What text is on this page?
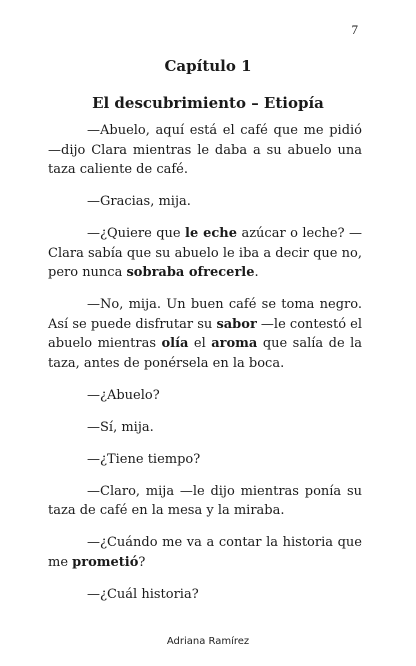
7
Capítulo 1
El descubrimiento – Etiopía

—Abuelo, aquí está el café que me pidió —dijo Clara mientras le daba a su abuelo una taza caliente de café.

—Gracias, mija.

—¿Quiere que le eche azúcar o leche? —Clara sabía que su abuelo le iba a decir que no, pero nunca sobraba ofrecerle.

—No, mija. Un buen café se toma negro. Así se puede disfrutar su sabor —le contestó el abuelo mientras olía el aroma que salía de la taza, antes de ponérsela en la boca.

—¿Abuelo?

—Sí, mija.

—¿Tiene tiempo?

—Claro, mija —le dijo mientras ponía su taza de café en la mesa y la miraba.

—¿Cuándo me va a contar la historia que me prometió?

—¿Cuál historia?

Adriana Ramírez
